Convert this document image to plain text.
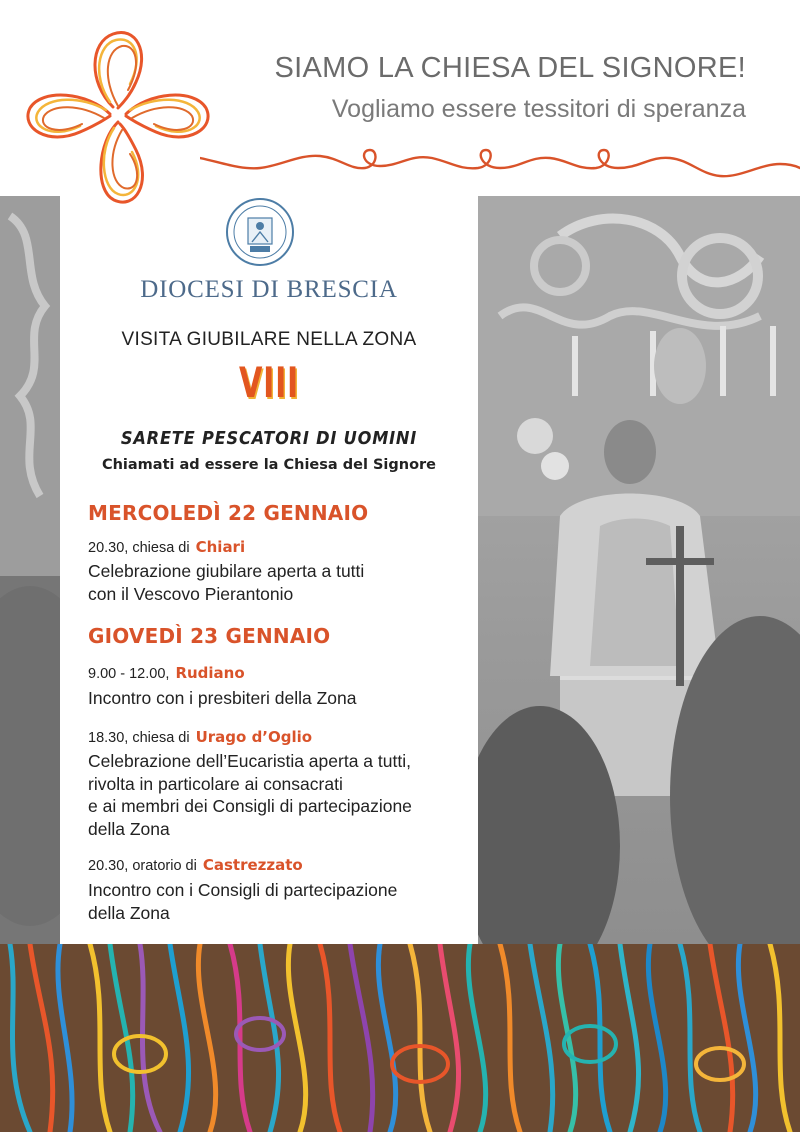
SIAMO LA CHIESA DEL SIGNORE!
Vogliamo essere tessitori di speranza
DIOCESI DI BRESCIA
VISITA GIUBILARE NELLA ZONA
VIII
SARETE PESCATORI DI UOMINI
Chiamati ad essere la Chiesa del Signore
MERCOLEDÌ 22 GENNAIO
20.30, chiesa di Chiari
Celebrazione giubilare aperta a tutti
con il Vescovo Pierantonio
GIOVEDÌ 23 GENNAIO
9.00 - 12.00, Rudiano
Incontro con i presbiteri della Zona
18.30, chiesa di Urago d’Oglio
Celebrazione dell’Eucaristia aperta a tutti,
rivolta in particolare ai consacrati
e ai membri dei Consigli di partecipazione
della Zona
20.30, oratorio di Castrezzato
Incontro con i Consigli di partecipazione
della Zona
